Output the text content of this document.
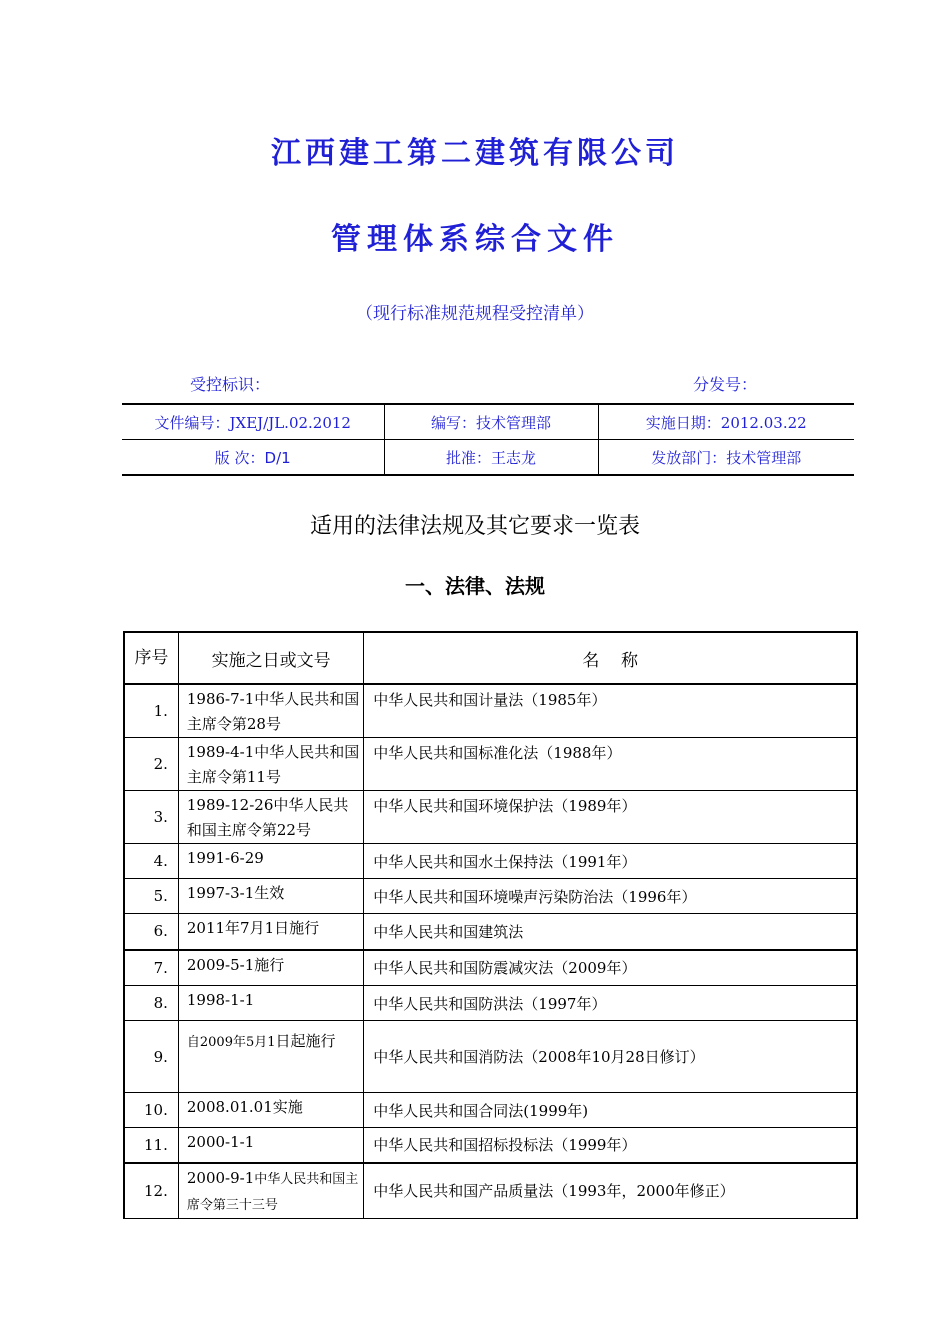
江西建工第二建筑有限公司
管理体系综合文件
（现行标准规范规程受控清单）
受控标识：	分发号：
文件编号：JXEJ/JL.02.2012	编写：技术管理部	实施日期：2012.03.22
版 次：D/1	批准：王志龙	发放部门：技术管理部
适用的法律法规及其它要求一览表
一、法律、法规
序号	实施之日或文号	名    称
1.	1986-7-1中华人民共和国主席令第28号	中华人民共和国计量法（1985年）
2.	1989-4-1中华人民共和国主席令第11号	中华人民共和国标准化法（1988年）
3.	1989-12-26中华人民共和国主席令第22号	中华人民共和国环境保护法（1989年）
4.	1991-6-29	中华人民共和国水土保持法（1991年）
5.	1997-3-1生效	中华人民共和国环境噪声污染防治法（1996年）
6.	2011年7月1日施行	中华人民共和国建筑法
7.	2009-5-1施行	中华人民共和国防震减灾法（2009年）
8.	1998-1-1	中华人民共和国防洪法（1997年）
9.	自2009年5月1日起施行	中华人民共和国消防法（2008年10月28日修订）
10.	2008.01.01实施	中华人民共和国合同法(1999年)
11.	2000-1-1	中华人民共和国招标投标法（1999年）
12.	2000-9-1中华人民共和国主席令第三十三号	中华人民共和国产品质量法（1993年，2000年修正）
